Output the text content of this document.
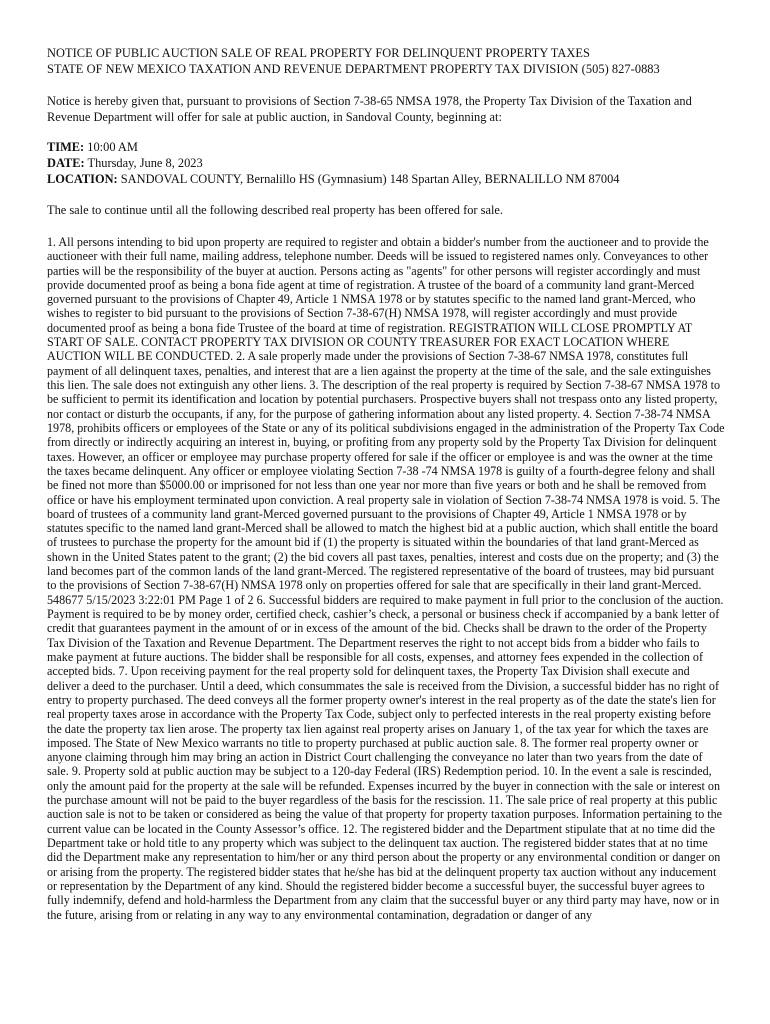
NOTICE OF PUBLIC AUCTION SALE OF REAL PROPERTY FOR DELINQUENT PROPERTY TAXES
STATE OF NEW MEXICO TAXATION AND REVENUE DEPARTMENT PROPERTY TAX DIVISION (505) 827-0883
Notice is hereby given that, pursuant to provisions of Section 7-38-65 NMSA 1978, the Property Tax Division of the Taxation and Revenue Department will offer for sale at public auction, in Sandoval County, beginning at:
TIME: 10:00 AM
DATE: Thursday, June 8, 2023
LOCATION: SANDOVAL COUNTY, Bernalillo HS (Gymnasium) 148 Spartan Alley, BERNALILLO NM 87004
The sale to continue until all the following described real property has been offered for sale.
1. All persons intending to bid upon property are required to register and obtain a bidder's number from the auctioneer and to provide the auctioneer with their full name, mailing address, telephone number. Deeds will be issued to registered names only. Conveyances to other parties will be the responsibility of the buyer at auction. Persons acting as "agents" for other persons will register accordingly and must provide documented proof as being a bona fide agent at time of registration. A trustee of the board of a community land grant-Merced governed pursuant to the provisions of Chapter 49, Article 1 NMSA 1978 or by statutes specific to the named land grant-Merced, who wishes to register to bid pursuant to the provisions of Section 7-38-67(H) NMSA 1978, will register accordingly and must provide documented proof as being a bona fide Trustee of the board at time of registration. REGISTRATION WILL CLOSE PROMPTLY AT START OF SALE. CONTACT PROPERTY TAX DIVISION OR COUNTY TREASURER FOR EXACT LOCATION WHERE AUCTION WILL BE CONDUCTED. 2. A sale properly made under the provisions of Section 7-38-67 NMSA 1978, constitutes full payment of all delinquent taxes, penalties, and interest that are a lien against the property at the time of the sale, and the sale extinguishes this lien. The sale does not extinguish any other liens. 3. The description of the real property is required by Section 7-38-67 NMSA 1978 to be sufficient to permit its identification and location by potential purchasers. Prospective buyers shall not trespass onto any listed property, nor contact or disturb the occupants, if any, for the purpose of gathering information about any listed property. 4. Section 7-38-74 NMSA 1978, prohibits officers or employees of the State or any of its political subdivisions engaged in the administration of the Property Tax Code from directly or indirectly acquiring an interest in, buying, or profiting from any property sold by the Property Tax Division for delinquent taxes. However, an officer or employee may purchase property offered for sale if the officer or employee is and was the owner at the time the taxes became delinquent. Any officer or employee violating Section 7-38 -74 NMSA 1978 is guilty of a fourth-degree felony and shall be fined not more than $5000.00 or imprisoned for not less than one year nor more than five years or both and he shall be removed from office or have his employment terminated upon conviction. A real property sale in violation of Section 7-38-74 NMSA 1978 is void. 5. The board of trustees of a community land grant-Merced governed pursuant to the provisions of Chapter 49, Article 1 NMSA 1978 or by statutes specific to the named land grant-Merced shall be allowed to match the highest bid at a public auction, which shall entitle the board of trustees to purchase the property for the amount bid if (1) the property is situated within the boundaries of that land grant-Merced as shown in the United States patent to the grant; (2) the bid covers all past taxes, penalties, interest and costs due on the property; and (3) the land becomes part of the common lands of the land grant-Merced. The registered representative of the board of trustees, may bid pursuant to the provisions of Section 7-38-67(H) NMSA 1978 only on properties offered for sale that are specifically in their land grant-Merced. 548677 5/15/2023 3:22:01 PM Page 1 of 2 6. Successful bidders are required to make payment in full prior to the conclusion of the auction. Payment is required to be by money order, certified check, cashier’s check, a personal or business check if accompanied by a bank letter of credit that guarantees payment in the amount of or in excess of the amount of the bid. Checks shall be drawn to the order of the Property Tax Division of the Taxation and Revenue Department. The Department reserves the right to not accept bids from a bidder who fails to make payment at future auctions. The bidder shall be responsible for all costs, expenses, and attorney fees expended in the collection of accepted bids. 7. Upon receiving payment for the real property sold for delinquent taxes, the Property Tax Division shall execute and deliver a deed to the purchaser. Until a deed, which consummates the sale is received from the Division, a successful bidder has no right of entry to property purchased. The deed conveys all the former property owner's interest in the real property as of the date the state's lien for real property taxes arose in accordance with the Property Tax Code, subject only to perfected interests in the real property existing before the date the property tax lien arose. The property tax lien against real property arises on January 1, of the tax year for which the taxes are imposed. The State of New Mexico warrants no title to property purchased at public auction sale. 8. The former real property owner or anyone claiming through him may bring an action in District Court challenging the conveyance no later than two years from the date of sale. 9. Property sold at public auction may be subject to a 120-day Federal (IRS) Redemption period. 10. In the event a sale is rescinded, only the amount paid for the property at the sale will be refunded. Expenses incurred by the buyer in connection with the sale or interest on the purchase amount will not be paid to the buyer regardless of the basis for the rescission. 11. The sale price of real property at this public auction sale is not to be taken or considered as being the value of that property for property taxation purposes. Information pertaining to the current value can be located in the County Assessor’s office. 12. The registered bidder and the Department stipulate that at no time did the Department take or hold title to any property which was subject to the delinquent tax auction. The registered bidder states that at no time did the Department make any representation to him/her or any third person about the property or any environmental condition or danger on or arising from the property. The registered bidder states that he/she has bid at the delinquent property tax auction without any inducement or representation by the Department of any kind. Should the registered bidder become a successful buyer, the successful buyer agrees to fully indemnify, defend and hold-harmless the Department from any claim that the successful buyer or any third party may have, now or in the future, arising from or relating in any way to any environmental contamination, degradation or danger of any
